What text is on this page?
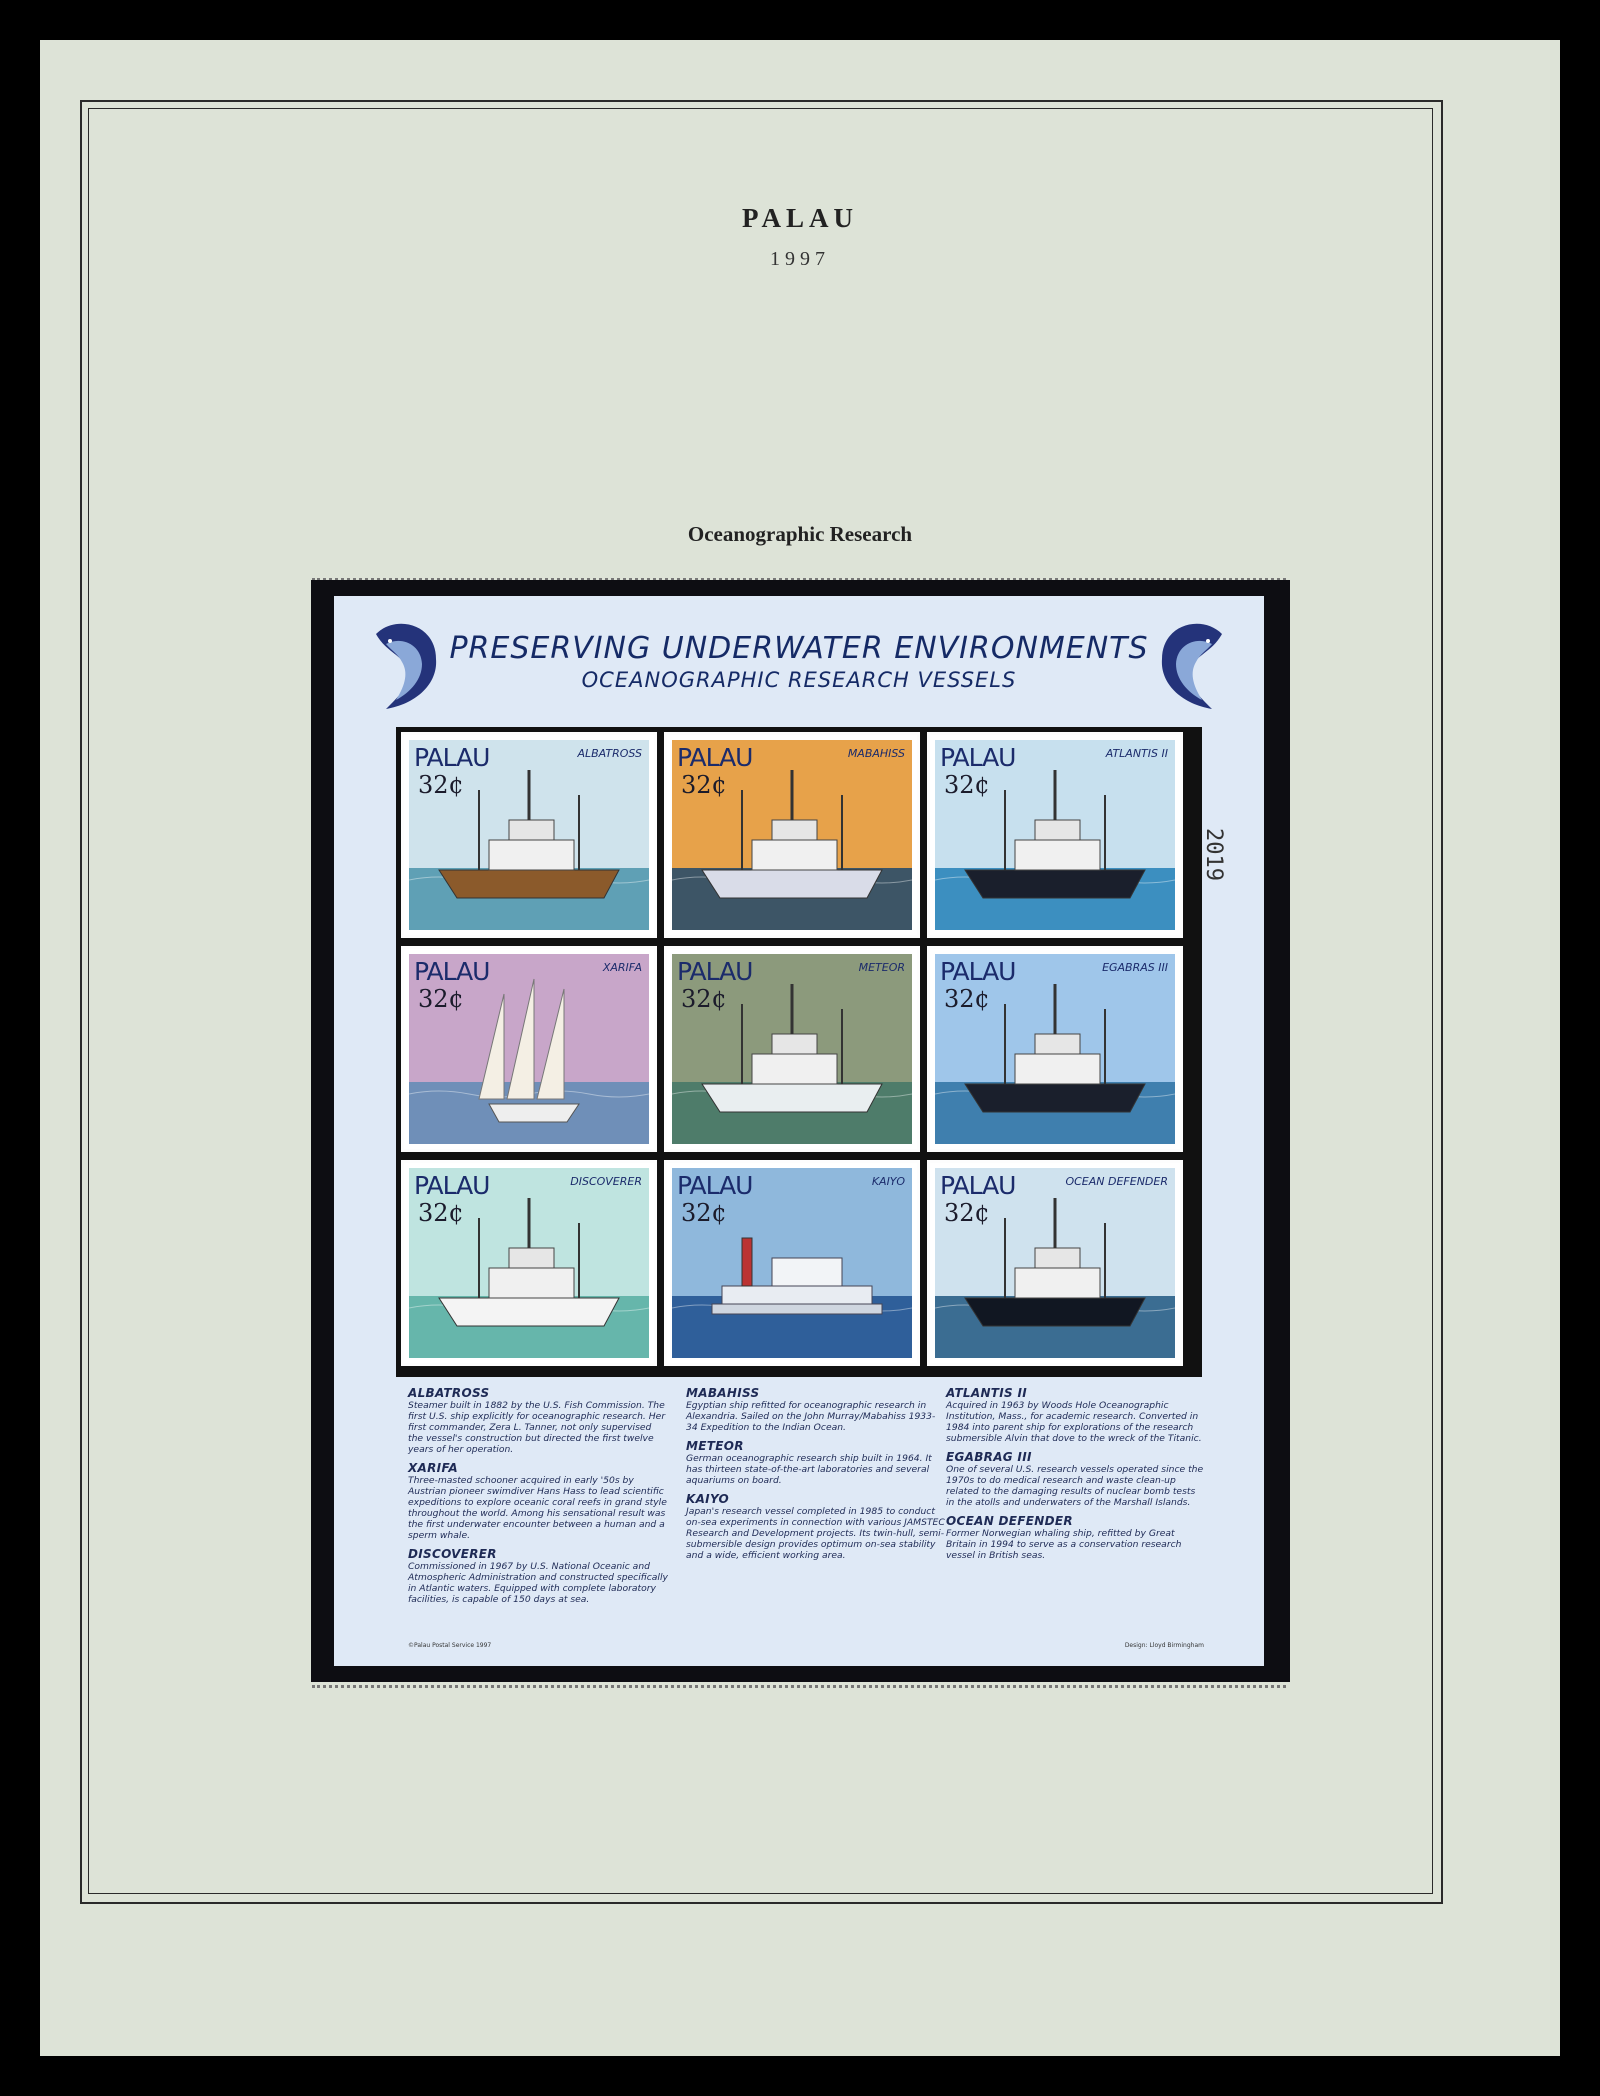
PALAU
1997
Oceanographic Research
PRESERVING UNDERWATER ENVIRONMENTS
OCEANOGRAPHIC RESEARCH VESSELS
PALAU
32¢
ALBATROSS PALAU
32¢
MABAHISS PALAU
32¢
ATLANTIS II
PALAU
32¢
XARIFA PALAU
32¢
METEOR PALAU
32¢
EGABRAS III
PALAU
32¢
DISCOVERER PALAU
32¢
KAIYO PALAU
32¢
OCEAN DEFENDER
2019
ALBATROSS
Steamer built in 1882 by the U.S. Fish Commission. The first U.S. ship explicitly for oceanographic research. Her first commander, Zera L. Tanner, not only supervised the vessel's construction but directed the first twelve years of her operation.
XARIFA
Three-masted schooner acquired in early '50s by Austrian pioneer swimdiver Hans Hass to lead scientific expeditions to explore oceanic coral reefs in grand style throughout the world. Among his sensational result was the first underwater encounter between a human and a sperm whale.
DISCOVERER
Commissioned in 1967 by U.S. National Oceanic and Atmospheric Administration and constructed specifically in Atlantic waters. Equipped with complete laboratory facilities, is capable of 150 days at sea.
MABAHISS
Egyptian ship refitted for oceanographic research in Alexandria. Sailed on the John Murray/Mabahiss 1933-34 Expedition to the Indian Ocean.
METEOR
German oceanographic research ship built in 1964. It has thirteen state-of-the-art laboratories and several aquariums on board.
KAIYO
Japan's research vessel completed in 1985 to conduct on-sea experiments in connection with various JAMSTEC Research and Development projects. Its twin-hull, semi-submersible design provides optimum on-sea stability and a wide, efficient working area.
ATLANTIS II
Acquired in 1963 by Woods Hole Oceanographic Institution, Mass., for academic research. Converted in 1984 into parent ship for explorations of the research submersible Alvin that dove to the wreck of the Titanic.
EGABRAG III
One of several U.S. research vessels operated since the 1970s to do medical research and waste clean-up related to the damaging results of nuclear bomb tests in the atolls and underwaters of the Marshall Islands.
OCEAN DEFENDER
Former Norwegian whaling ship, refitted by Great Britain in 1994 to serve as a conservation research vessel in British seas.
©Palau Postal Service 1997	Design: Lloyd Birmingham
